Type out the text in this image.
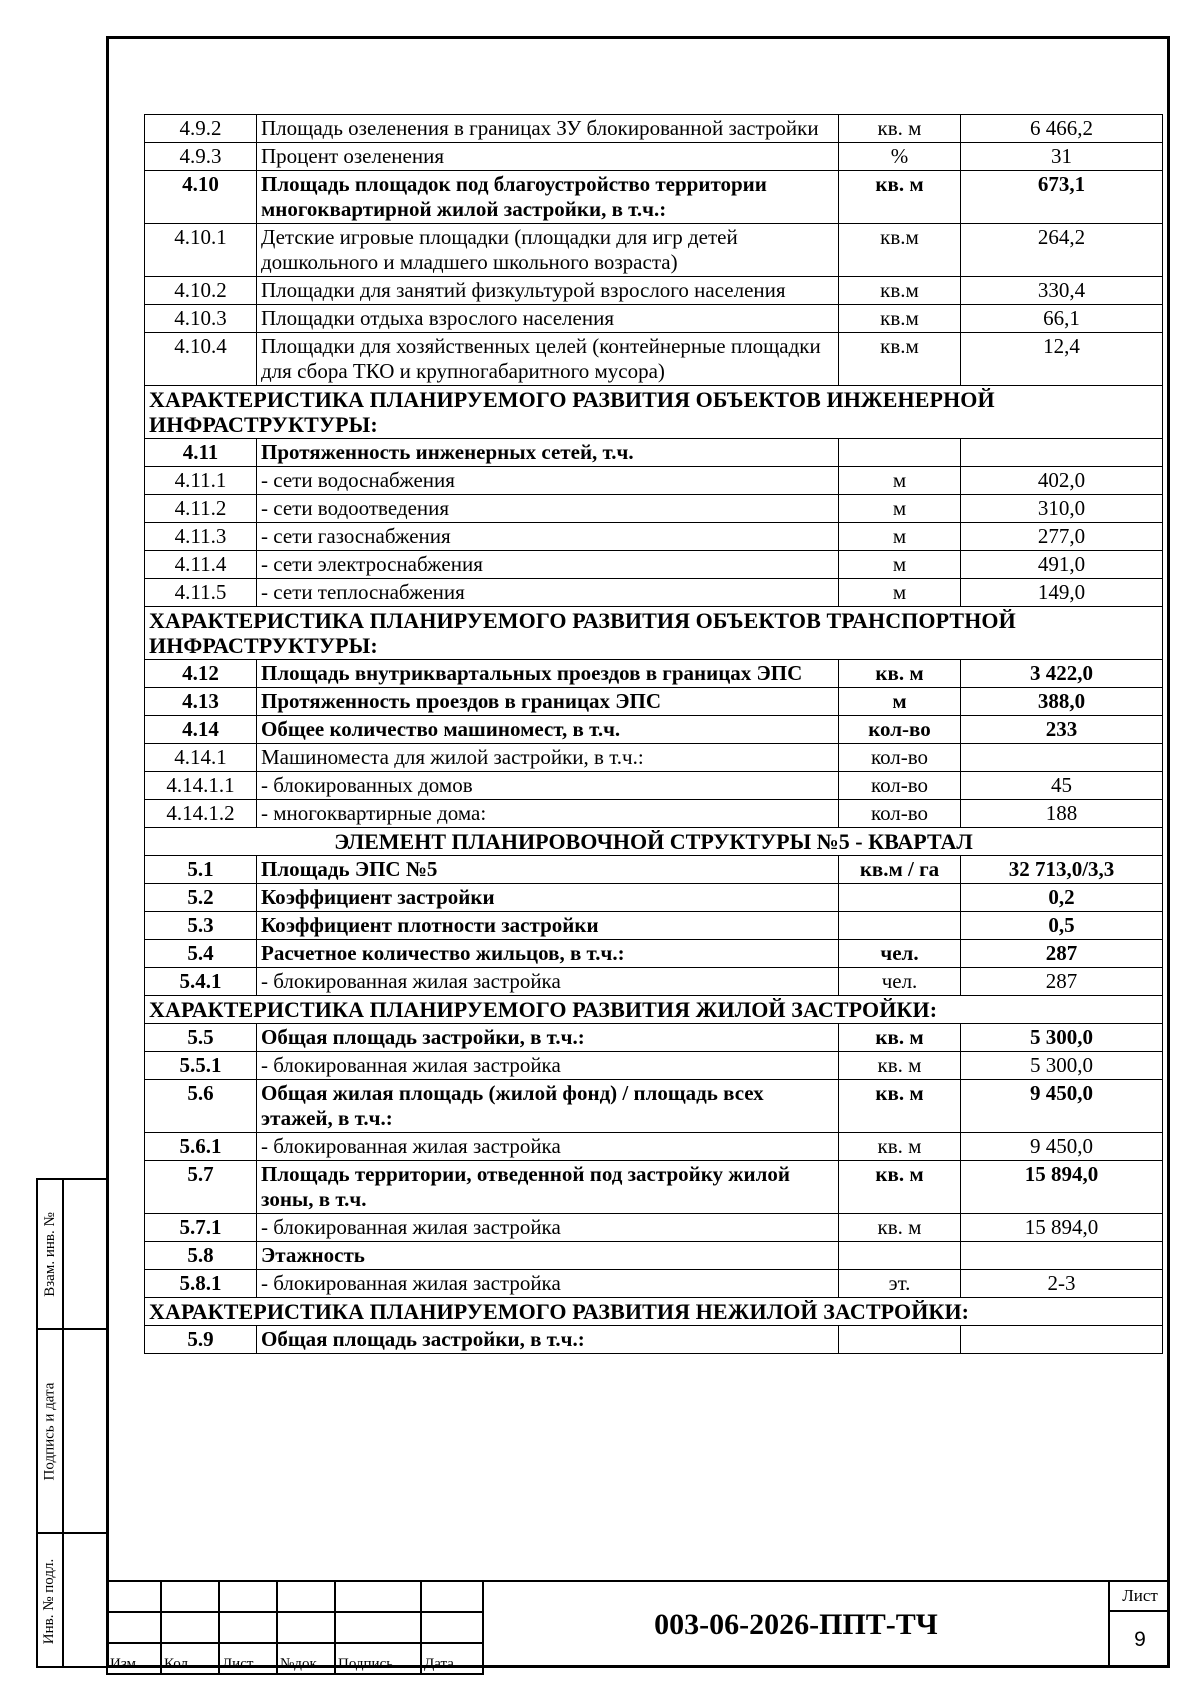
Взам. инв. №
Подпись и дата
Инв. № подл.
4.9.2	Площадь озеленения в границах ЗУ блокированной застройки	кв. м	6 466,2
4.9.3	Процент озеленения	%	31
4.10	Площадь площадок под благоустройство территории многоквартирной жилой застройки, в т.ч.:	кв. м	673,1
4.10.1	Детские игровые площадки (площадки для игр детей дошкольного и младшего школьного возраста)	кв.м	264,2
4.10.2	Площадки для занятий физкультурой взрослого населения	кв.м	330,4
4.10.3	Площадки отдыха взрослого населения	кв.м	66,1
4.10.4	Площадки для хозяйственных целей (контейнерные площадки для сбора ТКО и крупногабаритного мусора)	кв.м	12,4
ХАРАКТЕРИСТИКА ПЛАНИРУЕМОГО РАЗВИТИЯ ОБЪЕКТОВ ИНЖЕНЕРНОЙ ИНФРАСТРУКТУРЫ:			
4.11	Протяженность инженерных сетей, т.ч.		
4.11.1	- сети водоснабжения	м	402,0
4.11.2	- сети водоотведения	м	310,0
4.11.3	- сети газоснабжения	м	277,0
4.11.4	- сети электроснабжения	м	491,0
4.11.5	- сети теплоснабжения	м	149,0
ХАРАКТЕРИСТИКА ПЛАНИРУЕМОГО РАЗВИТИЯ ОБЪЕКТОВ ТРАНСПОРТНОЙ ИНФРАСТРУКТУРЫ:			
4.12	Площадь внутриквартальных проездов в границах ЭПС	кв. м	3 422,0
4.13	Протяженность проездов в границах ЭПС	м	388,0
4.14	Общее количество машиномест, в т.ч.	кол-во	233
4.14.1	Машиноместа для жилой застройки, в т.ч.:	кол-во	
4.14.1.1	- блокированных домов	кол-во	45
4.14.1.2	- многоквартирные дома:	кол-во	188
ЭЛЕМЕНТ ПЛАНИРОВОЧНОЙ СТРУКТУРЫ №5 - КВАРТАЛ			
5.1	Площадь ЭПС №5	кв.м / га	32 713,0/3,3
5.2	Коэффициент застройки		0,2
5.3	Коэффициент плотности застройки		0,5
5.4	Расчетное количество жильцов, в т.ч.:	чел.	287
5.4.1	- блокированная жилая застройка	чел.	287
ХАРАКТЕРИСТИКА ПЛАНИРУЕМОГО РАЗВИТИЯ ЖИЛОЙ ЗАСТРОЙКИ:			
5.5	Общая площадь застройки, в т.ч.:	кв. м	5 300,0
5.5.1	- блокированная жилая застройка	кв. м	5 300,0
5.6	Общая жилая площадь (жилой фонд) / площадь всех этажей, в т.ч.:	кв. м	9 450,0
5.6.1	- блокированная жилая застройка	кв. м	9 450,0
5.7	Площадь территории, отведенной под застройку жилой зоны, в т.ч.	кв. м	15 894,0
5.7.1	- блокированная жилая застройка	кв. м	15 894,0
5.8	Этажность		
5.8.1	- блокированная жилая застройка	эт.	2-3
ХАРАКТЕРИСТИКА ПЛАНИРУЕМОГО РАЗВИТИЯ НЕЖИЛОЙ ЗАСТРОЙКИ:			
5.9	Общая площадь застройки, в т.ч.:		

Изм.	Кол.	Лист	№док	Подпись	Дата
003-06-2026-ППТ-ТЧ
Лист
9
